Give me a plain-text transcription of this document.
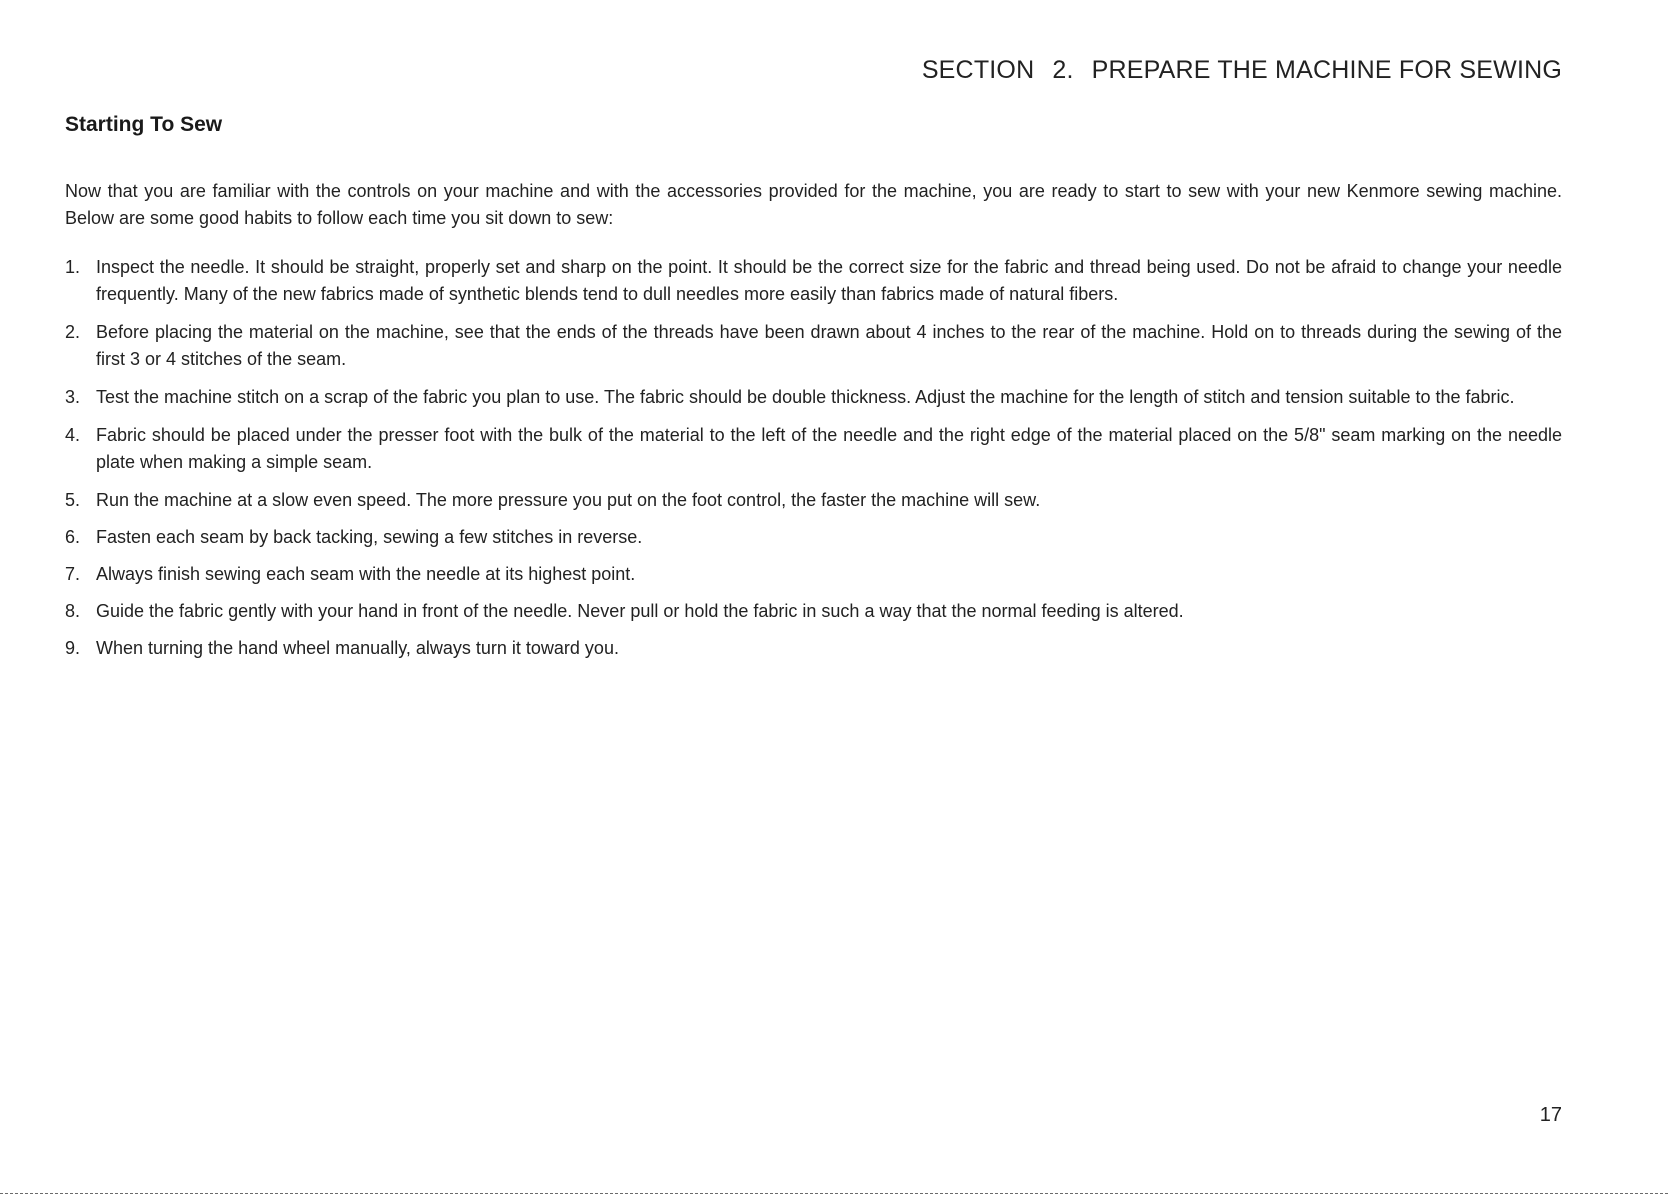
SECTION 2. PREPARE THE MACHINE FOR SEWING
Starting To Sew

Now that you are familiar with the controls on your machine and with the accessories provided for the machine, you are ready to start to sew with your new Kenmore sewing machine. Below are some good habits to follow each time you sit down to sew:

1. Inspect the needle. It should be straight, properly set and sharp on the point. It should be the correct size for the fabric and thread being used. Do not be afraid to change your needle frequently. Many of the new fabrics made of synthetic blends tend to dull needles more easily than fabrics made of natural fibers.
2. Before placing the material on the machine, see that the ends of the threads have been drawn about 4 inches to the rear of the machine. Hold on to threads during the sewing of the first 3 or 4 stitches of the seam.
3. Test the machine stitch on a scrap of the fabric you plan to use. The fabric should be double thickness. Adjust the machine for the length of stitch and tension suitable to the fabric.
4. Fabric should be placed under the presser foot with the bulk of the material to the left of the needle and the right edge of the material placed on the 5/8" seam marking on the needle plate when making a simple seam.
5. Run the machine at a slow even speed. The more pressure you put on the foot control, the faster the machine will sew.
6. Fasten each seam by back tacking, sewing a few stitches in reverse.
7. Always finish sewing each seam with the needle at its highest point.
8. Guide the fabric gently with your hand in front of the needle. Never pull or hold the fabric in such a way that the normal feeding is altered.
9. When turning the hand wheel manually, always turn it toward you.
17
